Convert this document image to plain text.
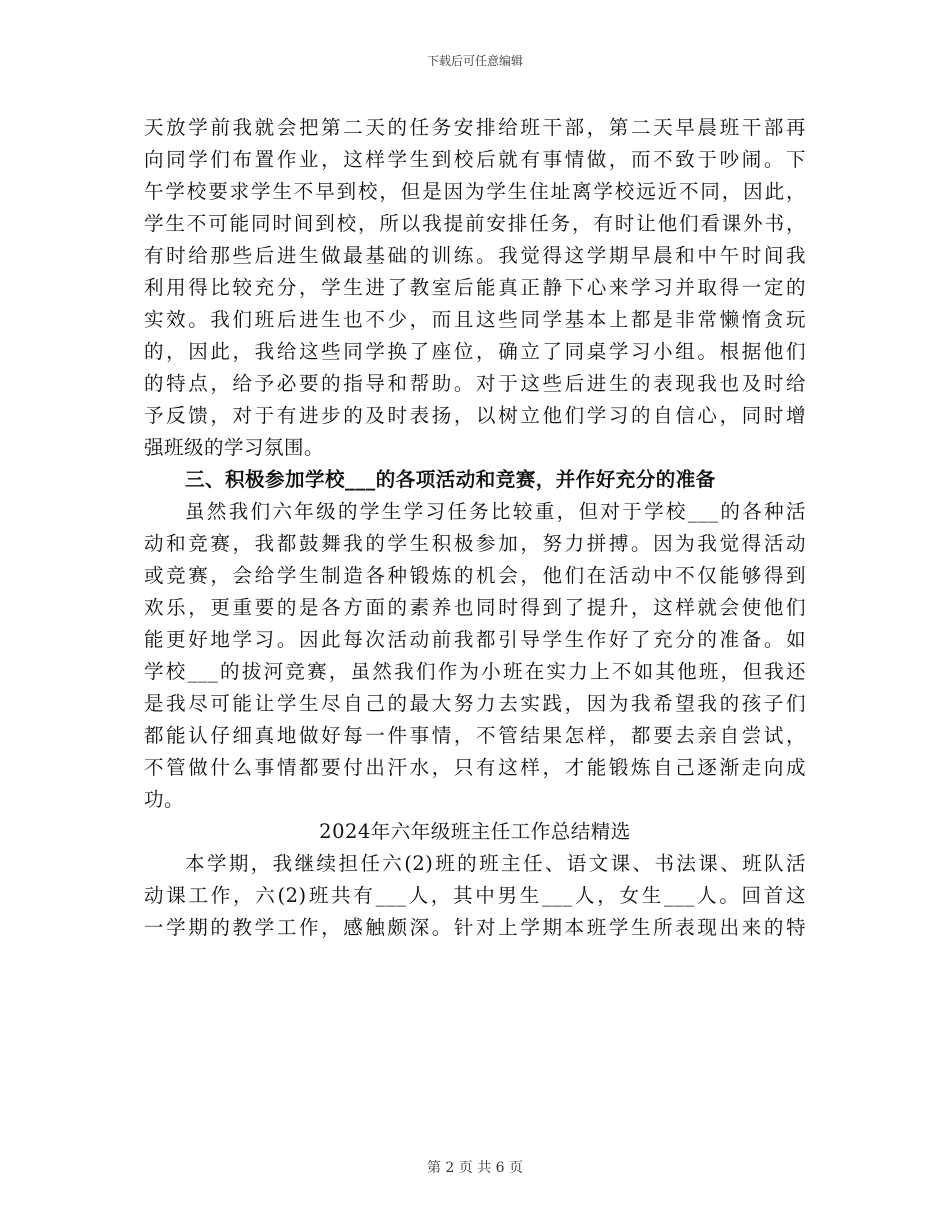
下载后可任意编辑
天放学前我就会把第二天的任务安排给班干部，第二天早晨班干部再
向同学们布置作业，这样学生到校后就有事情做，而不致于吵闹。下
午学校要求学生不早到校，但是因为学生住址离学校远近不同，因此，
学生不可能同时间到校，所以我提前安排任务，有时让他们看课外书，
有时给那些后进生做最基础的训练。我觉得这学期早晨和中午时间我
利用得比较充分，学生进了教室后能真正静下心来学习并取得一定的
实效。我们班后进生也不少，而且这些同学基本上都是非常懒惰贪玩
的，因此，我给这些同学换了座位，确立了同桌学习小组。根据他们
的特点，给予必要的指导和帮助。对于这些后进生的表现我也及时给
予反馈，对于有进步的及时表扬，以树立他们学习的自信心，同时增
强班级的学习氛围。
三、积极参加学校___的各项活动和竞赛，并作好充分的准备
虽然我们六年级的学生学习任务比较重，但对于学校___的各种活
动和竞赛，我都鼓舞我的学生积极参加，努力拼搏。因为我觉得活动
或竞赛，会给学生制造各种锻炼的机会，他们在活动中不仅能够得到
欢乐，更重要的是各方面的素养也同时得到了提升，这样就会使他们
能更好地学习。因此每次活动前我都引导学生作好了充分的准备。如
学校___的拔河竞赛，虽然我们作为小班在实力上不如其他班，但我还
是我尽可能让学生尽自己的最大努力去实践，因为我希望我的孩子们
都能认仔细真地做好每一件事情，不管结果怎样，都要去亲自尝试，
不管做什么事情都要付出汗水，只有这样，才能锻炼自己逐渐走向成
功。
2024年六年级班主任工作总结精选
本学期，我继续担任六(2)班的班主任、语文课、书法课、班队活
动课工作，六(2)班共有___人，其中男生___人，女生___人。回首这
一学期的教学工作，感触颇深。针对上学期本班学生所表现出来的特
第 2 页 共 6 页
